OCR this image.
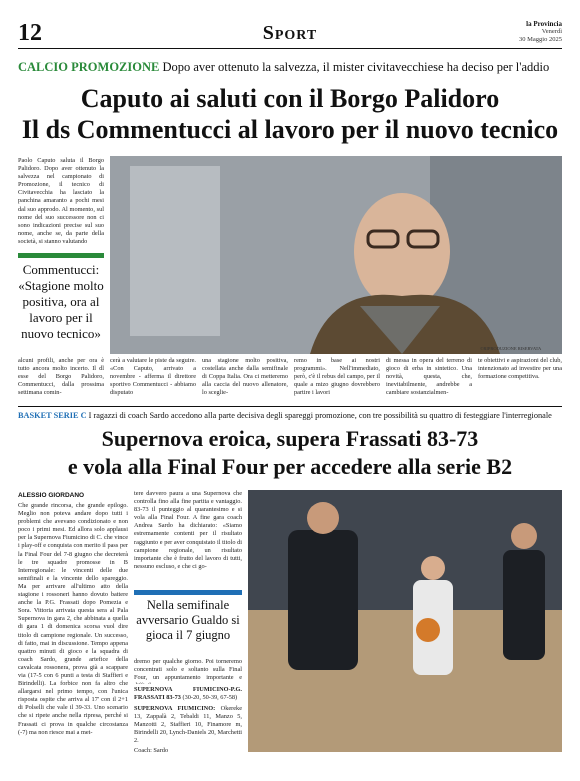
12	Sport	la Provincia
Venerdì
30 Maggio 2025
CALCIO PROMOZIONE Dopo aver ottenuto la salvezza, il mister civitavecchiese ha deciso per l'addio
Caputo ai saluti con il Borgo Palidoro
Il ds Commentucci al lavoro per il nuovo tecnico
Paolo Caputo saluta il Borgo Palidoro. Dopo aver ottenuto la salvezza nel campionato di Promozione, il tecnico di Civitavecchia ha lasciato la panchina amaranto a pochi mesi dal suo approdo. Al momento, sul nome del suo successore non ci sono indicazioni precise sul suo nome, anche se, da parte della società, si stanno valutando
Commentucci: «Stagione molto positiva, ora al lavoro per il nuovo tecnico»
©RIPRODUZIONE RISERVATA
alcuni profili, anche per ora è tutto ancora molto incerto. Il dl esse del Borgo Palidoro, Commentucci, dalla prossima settimana comin-
cerà a valutare le piste da seguire. «Con Caputo, arrivato a novembre - afferma il direttore sportivo Commentucci - abbiamo disputato
una stagione molto positiva, costellata anche dalla semifinale di Coppa Italia. Ora ci metteremo alla caccia del nuovo allenatore, lo sceglie-
remo in base ai nostri programmi». Nell'immediato, però, c'è il rebus del campo, per il quale a mizo giugno dovrebbero partire i lavori
di messa in opera del terreno di gioco di erba in sintetico. Una novità, questa, che, inevitabilmente, andrebbe a cambiare sostanzialmen-
te obiettivi e aspirazioni del club, intenzionato ad investire per una formazione competitiva.
BASKET SERIE C I ragazzi di coach Sardo accedono alla parte decisiva degli spareggi promozione, con tre possibilità su quattro di festeggiare l'interregionale
Supernova eroica, supera Frassati 83-73
e vola alla Final Four per accedere alla serie B2
ALESSIO GIORDANO
Che grande rincorsa, che grande epilogo. Meglio non poteva andare dopo tutti i problemi che avevano condizionato e non poco i primi mesi. Ed allora solo applausi per la Supernova Fiumicino di C. che vince i play-off e conquista con merito il pass per la Final Four del 7-8 giugno che decreterà le tre squadre promosse in B Interregionale: le vincenti delle due semifinali e la vincente dello spareggio. Ma per arrivare all'ultimo atto della stagione i rossoneri hanno dovuto battere anche la P.G. Frassati dopo Pomezia e Sora. Vittoria arrivata questa sera al Pala Supernova in gara 2, che abbinata a quella di gara 1 di domenica scorsa vuol dire titolo di campione regionale. Un successo, di fatto, mai in discussione. Tempo appena quattro minuti di gioco e la squadra di coach Sardo, grande artefice della cavalcata rossonera, prova già a scappare via (17-5 con 6 punti a testa di Staffieri e Birindelli). La forbice non fa altro che allargarsi nel primo tempo, con l'unica risposta ospite che arriva al 17' con il 2+1 di Polselli che vale il 39-33. Uno scenario che si ripete anche nella ripresa, perché si Frassati ci prova in qualche circostanza (-7) ma non riesce mai a met-
tere davvero paura a una Supernova che controlla fino alla fine partita e vantaggio. 83-73 il punteggio al quarantesimo e si vola alla Final Four. A fine gara coach Andrea Sardo ha dichiarato: «Siamo estremamente contenti per il risultato raggiunto e per aver conquistato il titolo di campione regionale, un risultato importante che è frutto del lavoro di tutti, nessuno escluso, e che ci go-
Nella semifinale avversario Gualdo si gioca il 7 giugno
dremo per qualche giorno. Poi torneremo concentrati solo e soltanto sulla Final Four, un appuntamento importante e
SUPERNOVA FIUMICINO-P.G. FRASSATI 83-73 (30-20, 50-39, 67-58)
SUPERNOVA FIUMICINO: Okereke 13, Zappalà 2, Tebaldi 11, Manzo 5, Manzotti 2, Staffieri 10, Finamore m, Birindelli 20, Lynch-Daniels 20, Marchetti 2.
Coach: Sardo
